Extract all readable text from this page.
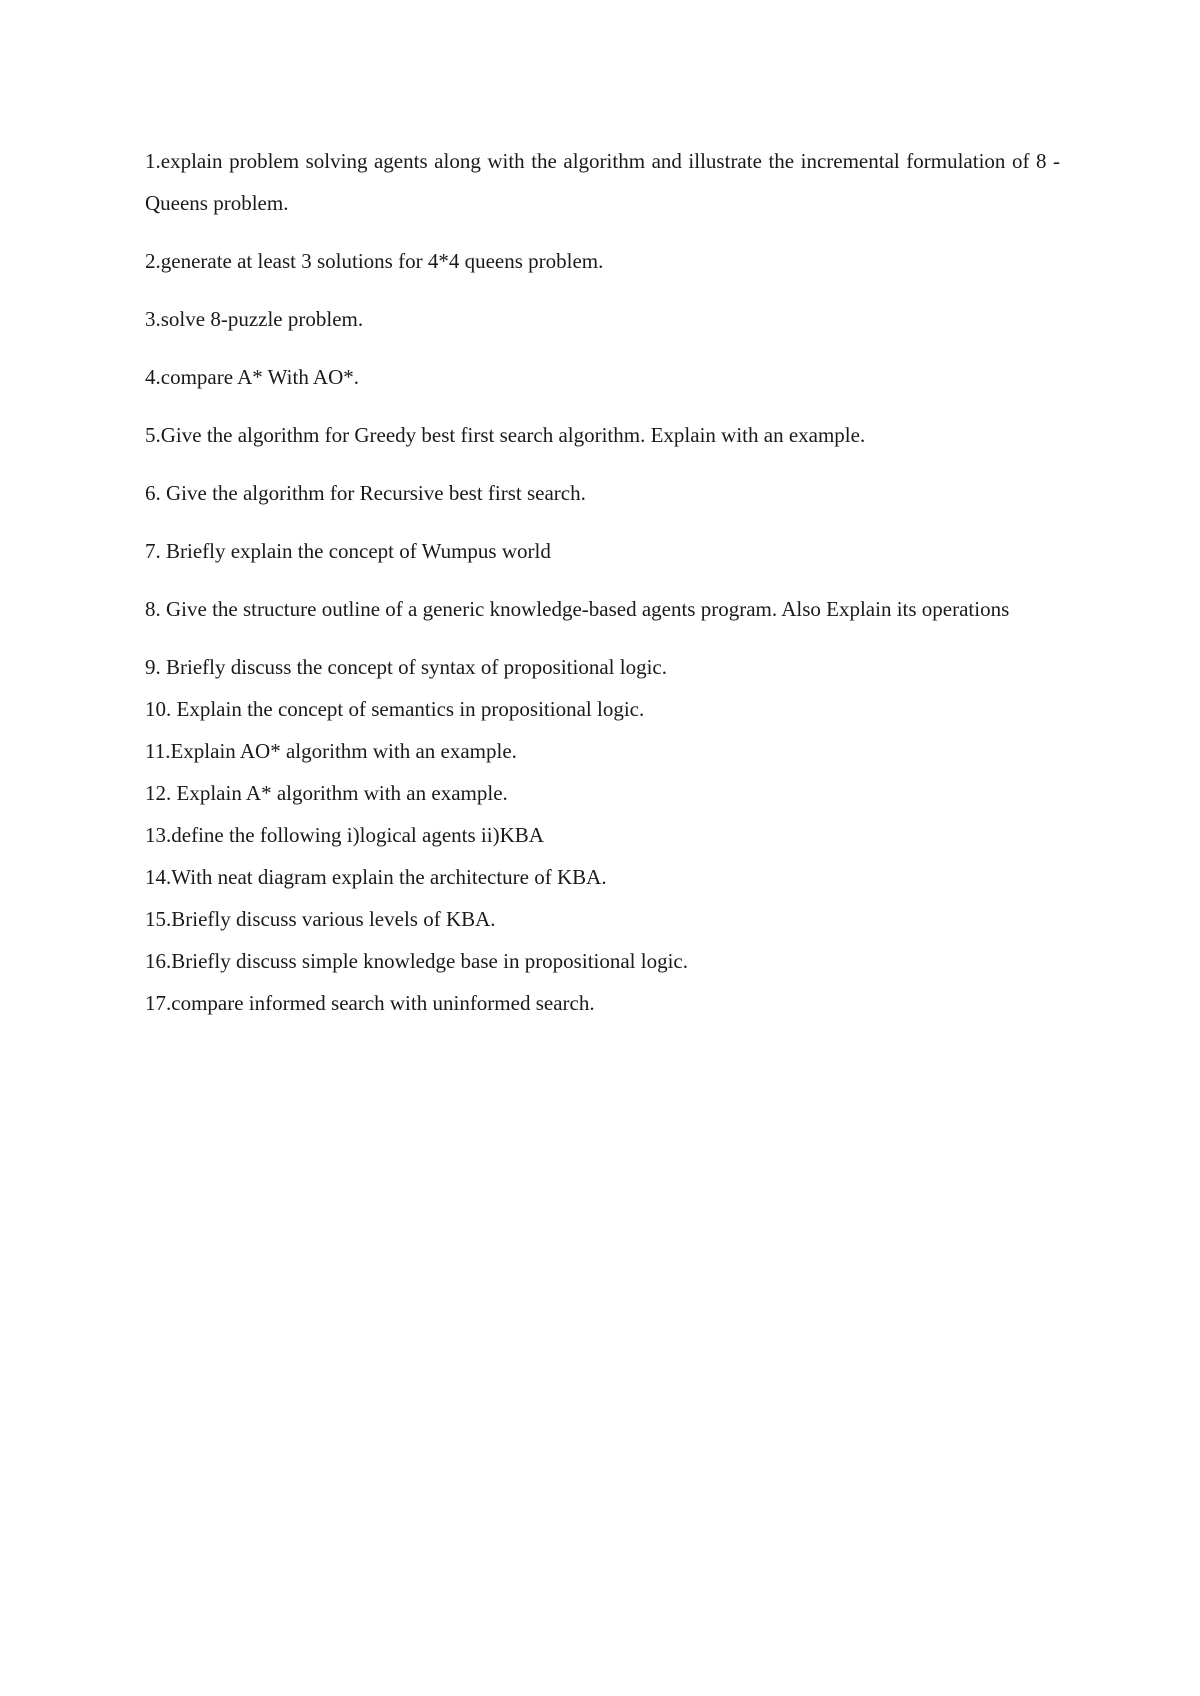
1.explain problem solving agents along with the algorithm and illustrate the incremental formulation of 8 -Queens problem.

2.generate at least 3 solutions for 4*4 queens problem.

3.solve 8-puzzle problem.

4.compare A* With AO*.

5.Give the algorithm for Greedy best first search algorithm. Explain with an example.

6. Give the algorithm for Recursive best first search.

7. Briefly explain the concept of Wumpus world

8. Give the structure outline of a generic knowledge-based agents program. Also Explain its operations

9. Briefly discuss the concept of syntax of propositional logic.

10. Explain the concept of semantics in propositional logic.

11.Explain AO* algorithm with an example.

12. Explain A* algorithm with an example.

13.define the following i)logical agents ii)KBA

14.With neat diagram explain the architecture of KBA.

15.Briefly discuss various levels of KBA.

16.Briefly discuss simple knowledge base in propositional logic.

17.compare informed search with uninformed search.
